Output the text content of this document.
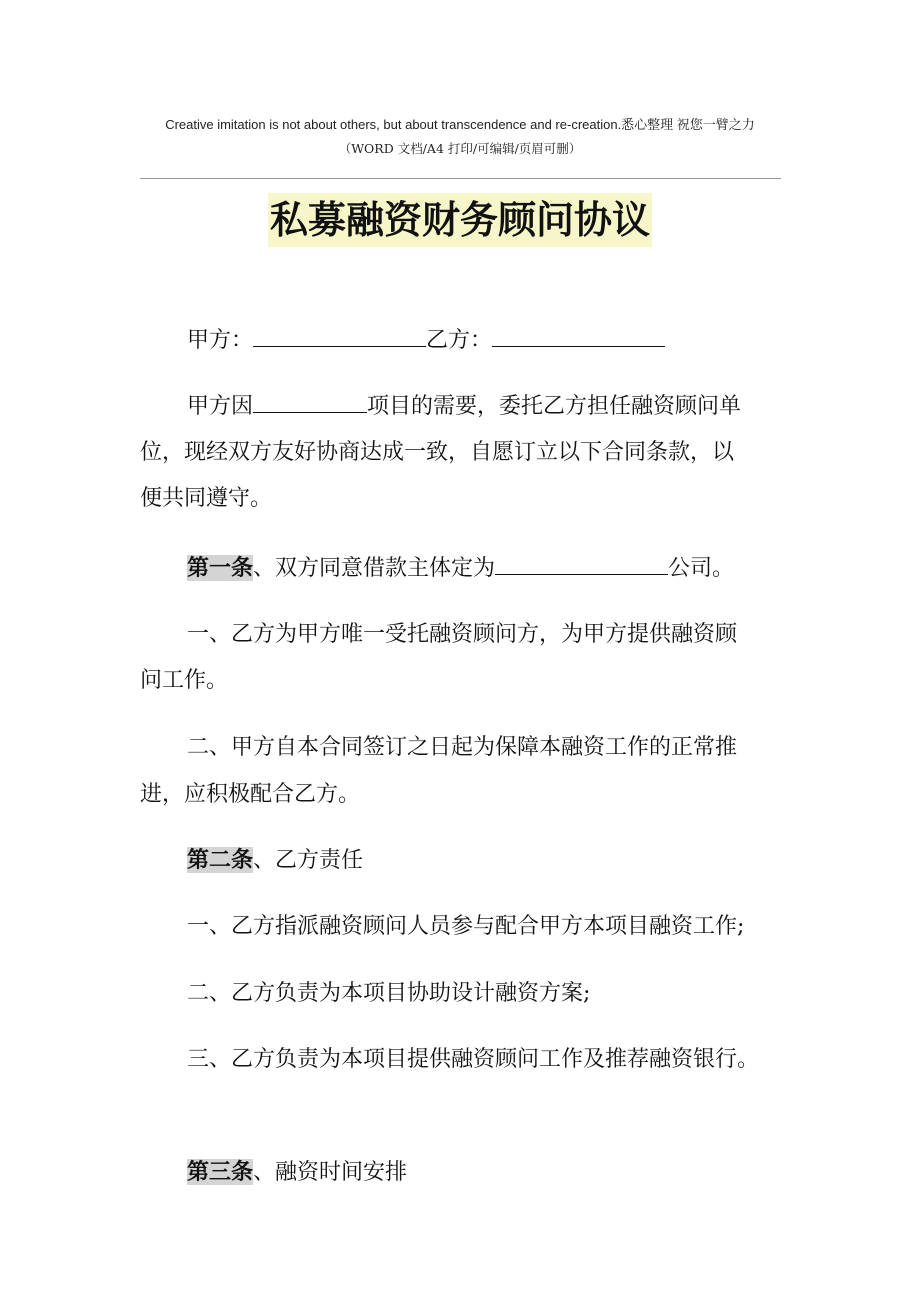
Creative imitation is not about others, but about transcendence and re-creation.悉心整理 祝您一臂之力
（WORD 文档/A4 打印/可编辑/页眉可删）
私募融资财务顾问协议

甲方：	乙方：

甲方因	项目的需要，委托乙方担任融资顾问单

位，现经双方友好协商达成一致，自愿订立以下合同条款，以

便共同遵守。

第一条、双方同意借款主体定为	公司。

一、乙方为甲方唯一受托融资顾问方，为甲方提供融资顾

问工作。

二、甲方自本合同签订之日起为保障本融资工作的正常推

进，应积极配合乙方。

第二条、乙方责任

一、乙方指派融资顾问人员参与配合甲方本项目融资工作;

二、乙方负责为本项目协助设计融资方案;

三、乙方负责为本项目提供融资顾问工作及推荐融资银行。

第三条、融资时间安排
